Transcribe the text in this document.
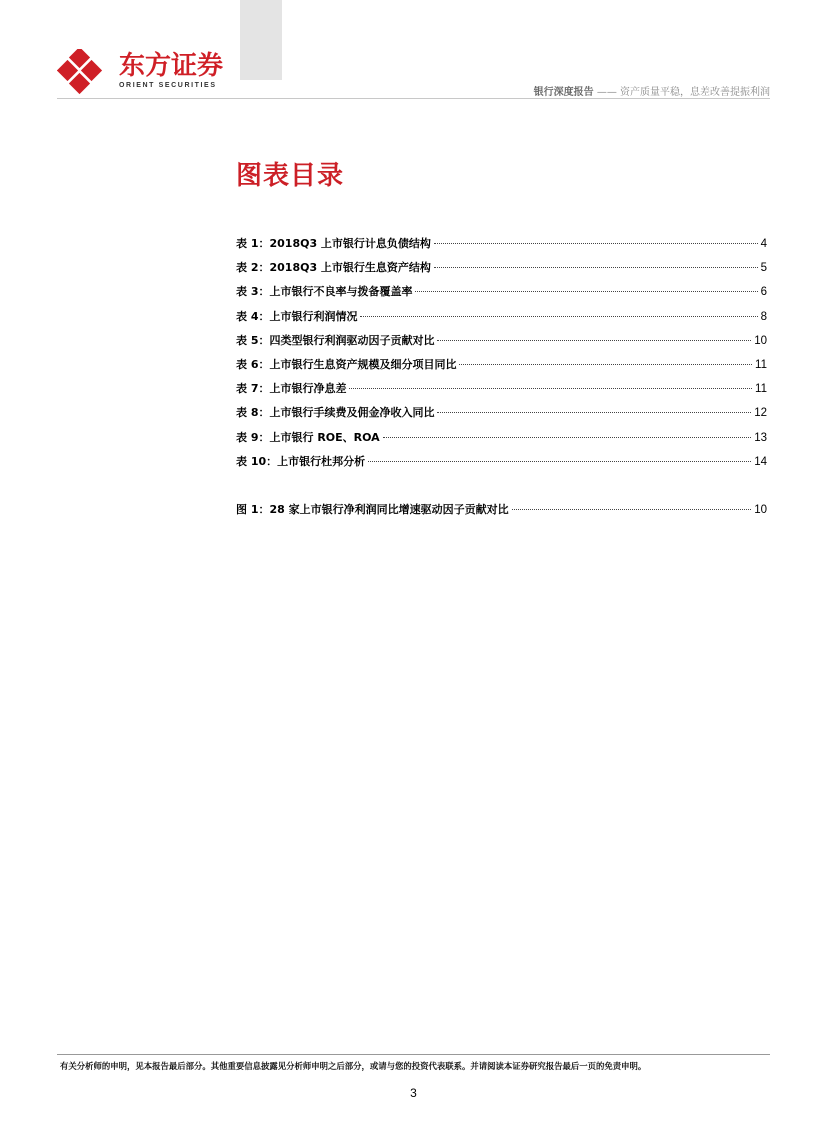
东方证券
ORIENT SECURITIES
银行深度报告 —— 资产质量平稳，息差改善提振利润
图表目录
表 1：2018Q3 上市银行计息负债结构	4
表 2：2018Q3 上市银行生息资产结构	5
表 3：上市银行不良率与拨备覆盖率	6
表 4：上市银行利润情况	8
表 5：四类型银行利润驱动因子贡献对比	10
表 6：上市银行生息资产规模及细分项目同比	11
表 7：上市银行净息差	11
表 8：上市银行手续费及佣金净收入同比	12
表 9：上市银行 ROE、ROA	13
表 10：上市银行杜邦分析	14
图 1：28 家上市银行净利润同比增速驱动因子贡献对比	10
有关分析师的申明，见本报告最后部分。其他重要信息披露见分析师申明之后部分，或请与您的投资代表联系。并请阅读本证券研究报告最后一页的免责申明。
3
